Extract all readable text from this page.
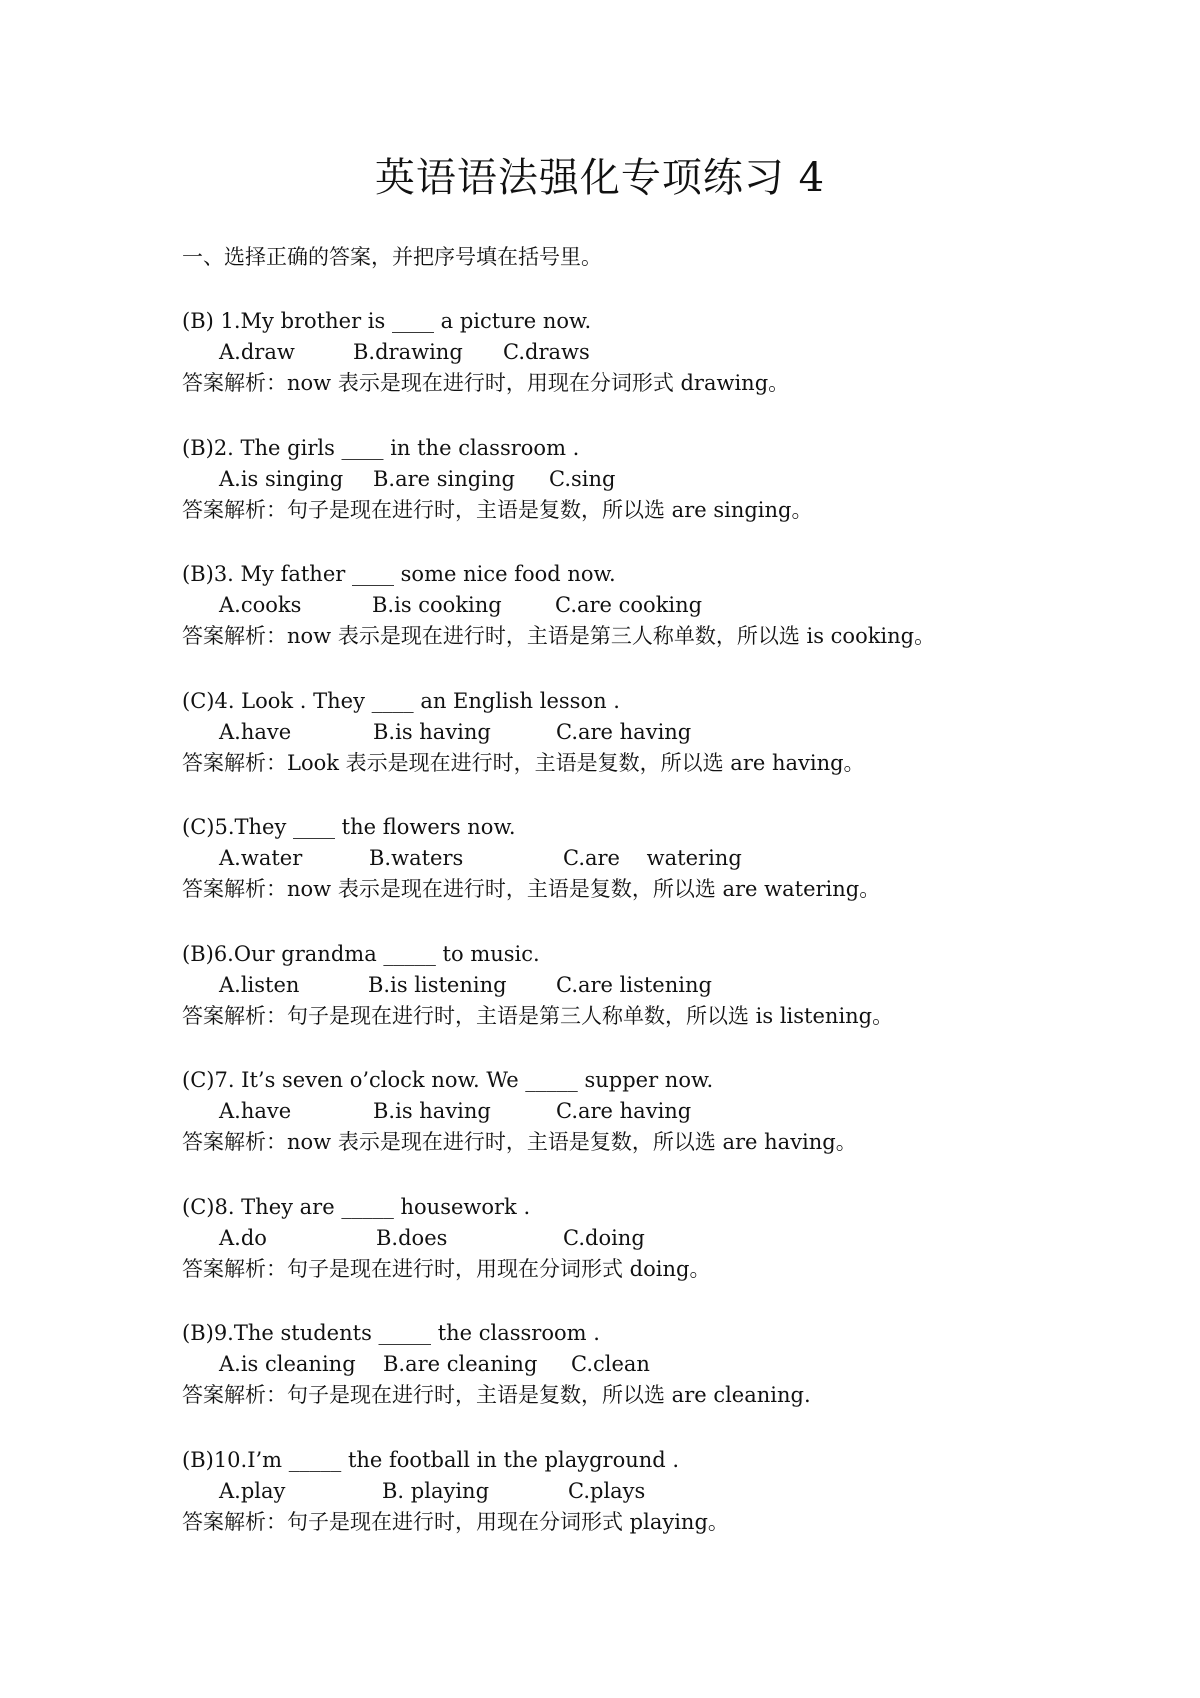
英语语法强化专项练习 4
一、选择正确的答案，并把序号填在括号里。
(B) 1.My brother is ____ a picture now.
A.draw	B.drawing C.draws
答案解析：now 表示是现在进行时，用现在分词形式 drawing。
(B)2. The girls ____ in the classroom .
A.is singing B.are singing C.sing
答案解析：句子是现在进行时，主语是复数，所以选 are singing。
(B)3. My father ____ some nice food now.
A.cooks	B.is cooking	C.are cooking
答案解析：now 表示是现在进行时，主语是第三人称单数，所以选 is cooking。
(C)4. Look . They ____ an English lesson .
A.have	B.is having	C.are having
答案解析：Look 表示是现在进行时，主语是复数，所以选 are having。
(C)5.They ____ the flowers now.
A.water	B.waters	C.are    watering
答案解析：now 表示是现在进行时，主语是复数，所以选 are watering。
(B)6.Our grandma _____ to music.
A.listen	B.is listening C.are listening
答案解析：句子是现在进行时，主语是第三人称单数，所以选 is listening。
(C)7. It’s seven o’clock now. We _____ supper now.
A.have	B.is having	C.are having
答案解析：now 表示是现在进行时，主语是复数，所以选 are having。
(C)8. They are _____ housework .
A.do	B.does	C.doing
答案解析：句子是现在进行时，用现在分词形式 doing。
(B)9.The students _____ the classroom .
A.is cleaning B.are cleaning C.clean
答案解析：句子是现在进行时，主语是复数，所以选 are cleaning.
(B)10.I’m _____ the football in the playground .
A.play	B. playing	C.plays
答案解析：句子是现在进行时，用现在分词形式 playing。
